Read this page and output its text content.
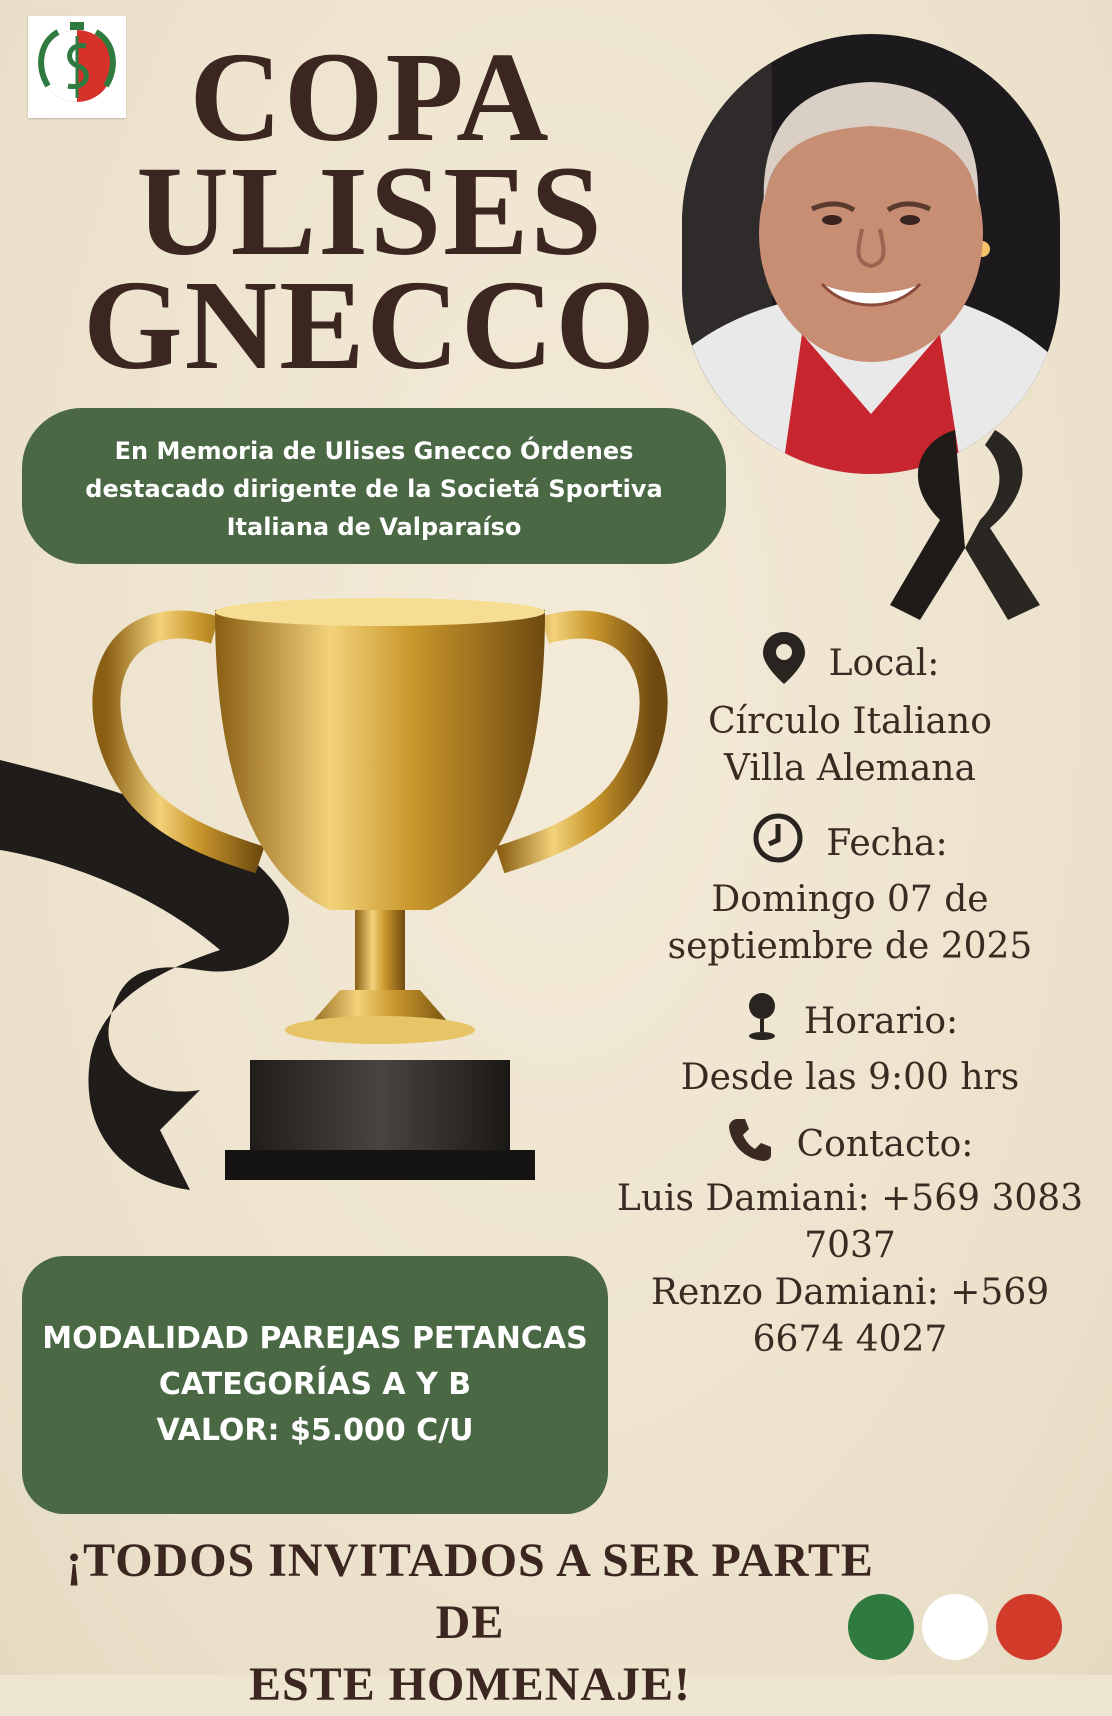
COPA
ULISES
GNECCO
En Memoria de Ulises Gnecco Órdenes destacado dirigente de la Societá Sportiva Italiana de Valparaíso
Local:
Círculo Italiano
Villa Alemana
Fecha:
Domingo 07 de
septiembre de 2025
Horario:
Desde las 9:00 hrs
Contacto:
Luis Damiani: +569 3083
7037
Renzo Damiani: +569
6674 4027
MODALIDAD PAREJAS PETANCAS
CATEGORÍAS A Y B
VALOR: $5.000 C/U
¡TODOS INVITADOS A SER PARTE DE
ESTE HOMENAJE!
